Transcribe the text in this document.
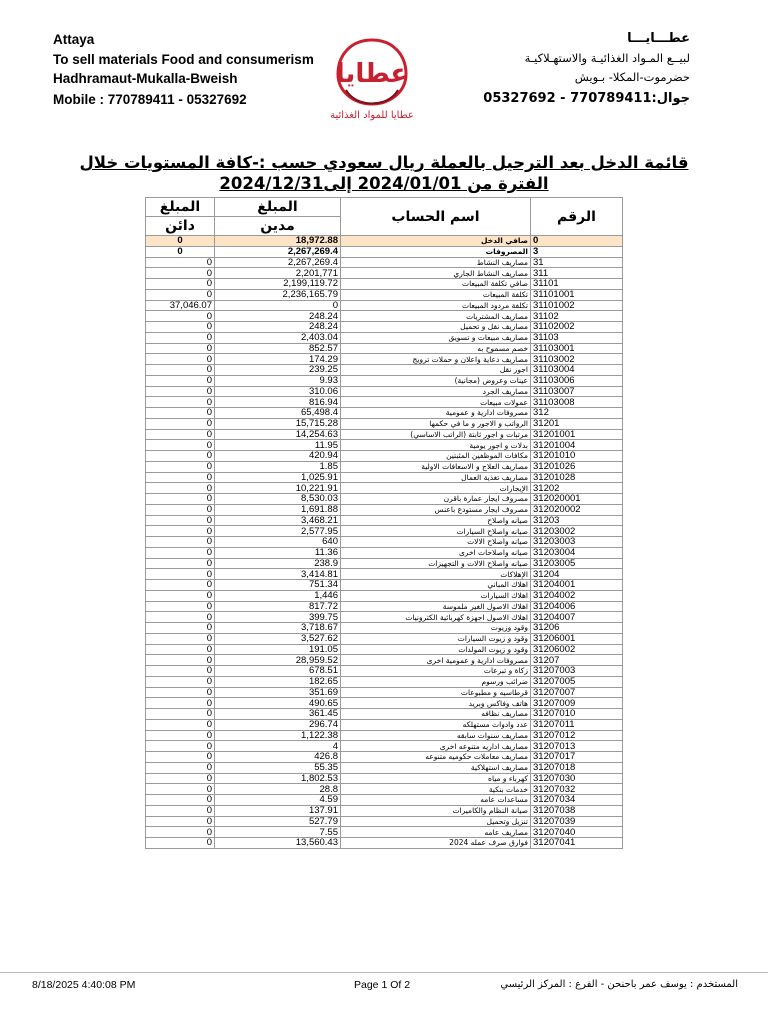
Attaya
To sell materials Food and consumerism
Hadhramaut-Mukalla-Bweish
Mobile : 770789411 - 05327692
عطـــايـــا
لبيــع المـواد الغذائيـة والاستهـلاكيـة
حضرموت-المكلا- بـويش
جوال:770789411 - 05327692
عطايا
عطايا للمواد الغذائية
قائمة الدخل بعد الترحيل بالعملة ريال سعودي حسب :-كافة المستويات خلال
الفترة من 2024/01/01 إلى2024/12/31
المبلغ	المبلغ	اسم الحساب	الرقم
دائن	مدين		
0	18,972.88	صافي الدخل	0
0	2,267,269.4	المصروفات	3
0	2,267,269.4	مصاريف النشاط	31
0	2,201,771	مصاريف النشاط الجاري	311
0	2,199,119.72	صافي تكلفة المبيعات	31101
0	2,236,165.79	تكلفة المبيعات	31101001
37,046.07	0	تكلفة مردود المبيعات	31101002
0	248.24	مصاريف المشتريات	31102
0	248.24	مصاريف نقل و تحميل	31102002
0	2,403.04	مصاريف مبيعات و تسويق	31103
0	852.57	خصم مسموح به	31103001
0	174.29	مصاريف دعاية واعلان و حملات ترويج	31103002
0	239.25	اجور نقل	31103004
0	9.93	عينات وعروض (مجانية)	31103006
0	310.06	مصاريف الجرد	31103007
0	816.94	عمولات مبيعات	31103008
0	65,498.4	مصروفات ادارية و عمومية	312
0	15,715.28	الرواتب و الاجور و ما في حكمها	31201
0	14,254.63	مرتبات و اجور ثابتة (الراتب الاساسي)	31201001
0	11.95	بدلات و اجور يومية	31201004
0	420.94	مكافات الموظفين المثبتين	31201010
0	1.85	مصاريف العلاج و الاسعافات الاولية	31201026
0	1,025.91	مصاريف تغذية العمال	31201028
0	10,221.91	الإيجارات	31202
0	8,530.03	مصروف ايجار عمارة باقرن	312020001
0	1,691.88	مصروف ايجار مستودع باعنس	312020002
0	3,468.21	صيانه واصلاح	31203
0	2,577.95	صيانه واصلاح السيارات	31203002
0	640	صيانه واصلاح الالات	31203003
0	11.36	صيانه واصلاحات اخرى	31203004
0	238.9	صيانه واصلاح الالات و التجهيزات	31203005
0	3,414.81	الإهلاكات	31204
0	751.34	اهلاك المباني	31204001
0	1,446	اهلاك السيارات	31204002
0	817.72	اهلاك الاصول الغير ملموسة	31204006
0	399.75	اهلاك الاصول اجهزة كهربائية الكترونيات	31204007
0	3,718.67	وقود وزيوت	31206
0	3,527.62	وقود و زيوت السيارات	31206001
0	191.05	وقود و زيوت المولدات	31206002
0	28,959.52	مصروفات ادارية و عمومية اخرى	31207
0	678.51	زكاة و تبرعات	31207003
0	182.65	ضرائب ورسوم	31207005
0	351.69	قرطاسيه و مطبوعات	31207007
0	490.65	هاتف وفاكس وبريد	31207009
0	361.45	مصاريف نظافه	31207010
0	296.74	عدد وادوات مستهلكه	31207011
0	1,122.38	مصاريف سنوات سابقه	31207012
0	4	مصاريف اداريه متنوعه اخرى	31207013
0	426.8	مصاريف معاملات حكوميه متنوعه	31207017
0	55.35	مصاريف استهلاكية	31207018
0	1,802.53	كهرباء و مياه	31207030
0	28.8	خدمات بنكية	31207032
0	4.59	مساعدات عامه	31207034
0	137.91	صيانة النظام والكاميرات	31207038
0	527.79	تنزيل وتحميل	31207039
0	7.55	مصاريف عامه	31207040
0	13,560.43	فوارق صرف عمله 2024	31207041
8/18/2025 4:40:08 PM	Page 1 Of 2	المستخدم : يوسف عمر باحنحن - الفرع : المركز الرئيسي
